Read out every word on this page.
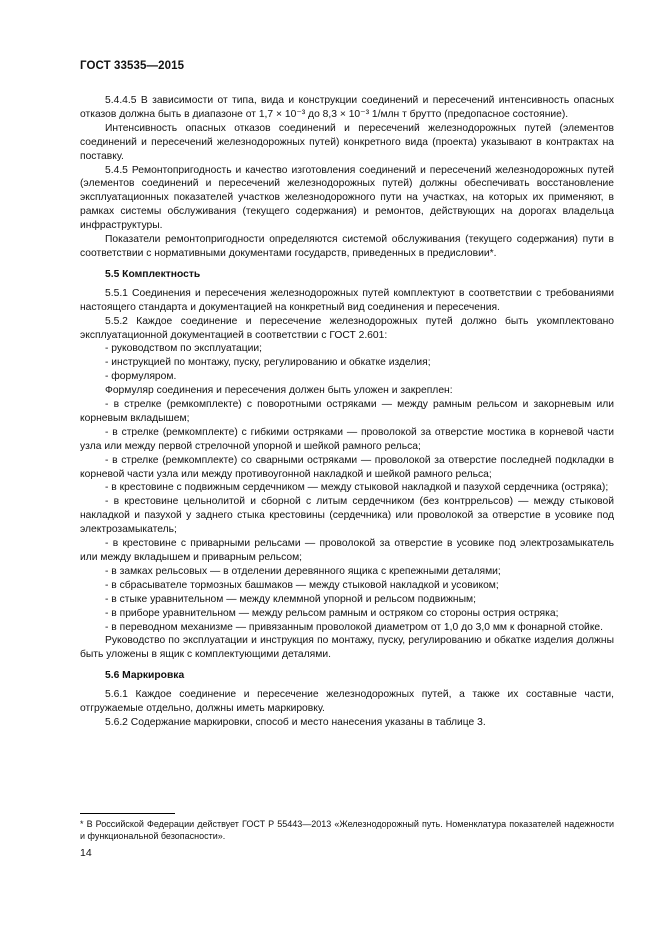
ГОСТ 33535—2015

5.4.4.5 В зависимости от типа, вида и конструкции соединений и пересечений интенсивность опасных отказов должна быть в диапазоне от 1,7 × 10⁻³ до 8,3 × 10⁻³ 1/млн т брутто (предопасное состояние).

Интенсивность опасных отказов соединений и пересечений железнодорожных путей (элементов соединений и пересечений железнодорожных путей) конкретного вида (проекта) указывают в контрактах на поставку.

5.4.5 Ремонтопригодность и качество изготовления соединений и пересечений железнодорожных путей (элементов соединений и пересечений железнодорожных путей) должны обеспечивать восстановление эксплуатационных показателей участков железнодорожного пути на участках, на которых их применяют, в рамках системы обслуживания (текущего содержания) и ремонтов, действующих на дорогах владельца инфраструктуры.

Показатели ремонтопригодности определяются системой обслуживания (текущего содержания) пути в соответствии с нормативными документами государств, приведенных в предисловии*.

5.5 Комплектность

5.5.1 Соединения и пересечения железнодорожных путей комплектуют в соответствии с требованиями настоящего стандарта и документацией на конкретный вид соединения и пересечения.

5.5.2 Каждое соединение и пересечение железнодорожных путей должно быть укомплектовано эксплуатационной документацией в соответствии с ГОСТ 2.601:

- руководством по эксплуатации;

- инструкцией по монтажу, пуску, регулированию и обкатке изделия;

- формуляром.

Формуляр соединения и пересечения должен быть уложен и закреплен:

- в стрелке (ремкомплекте) с поворотными остряками — между рамным рельсом и закорневым или корневым вкладышем;

- в стрелке (ремкомплекте) с гибкими остряками — проволокой за отверстие мостика в корневой части узла или между первой стрелочной упорной и шейкой рамного рельса;

- в стрелке (ремкомплекте) со сварными остряками — проволокой за отверстие последней подкладки в корневой части узла или между противоугонной накладкой и шейкой рамного рельса;

- в крестовине с подвижным сердечником — между стыковой накладкой и пазухой сердечника (остряка);

- в крестовине цельнолитой и сборной с литым сердечником (без контррельсов) — между стыковой накладкой и пазухой у заднего стыка крестовины (сердечника) или проволокой за отверстие в усовике под электрозамыкатель;

- в крестовине с приварными рельсами — проволокой за отверстие в усовике под электрозамыкатель или между вкладышем и приварным рельсом;

- в замках рельсовых — в отделении деревянного ящика с крепежными деталями;

- в сбрасывателе тормозных башмаков — между стыковой накладкой и усовиком;

- в стыке уравнительном — между клеммной упорной и рельсом подвижным;

- в приборе уравнительном — между рельсом рамным и остряком со стороны острия остряка;

- в переводном механизме — привязанным проволокой диаметром от 1,0 до 3,0 мм к фонарной стойке.

Руководство по эксплуатации и инструкция по монтажу, пуску, регулированию и обкатке изделия должны быть уложены в ящик с комплектующими деталями.

5.6 Маркировка

5.6.1 Каждое соединение и пересечение железнодорожных путей, а также их составные части, отгружаемые отдельно, должны иметь маркировку.

5.6.2 Содержание маркировки, способ и место нанесения указаны в таблице 3.

* В Российской Федерации действует ГОСТ Р 55443—2013 «Железнодорожный путь. Номенклатура показателей надежности и функциональной безопасности».
14
